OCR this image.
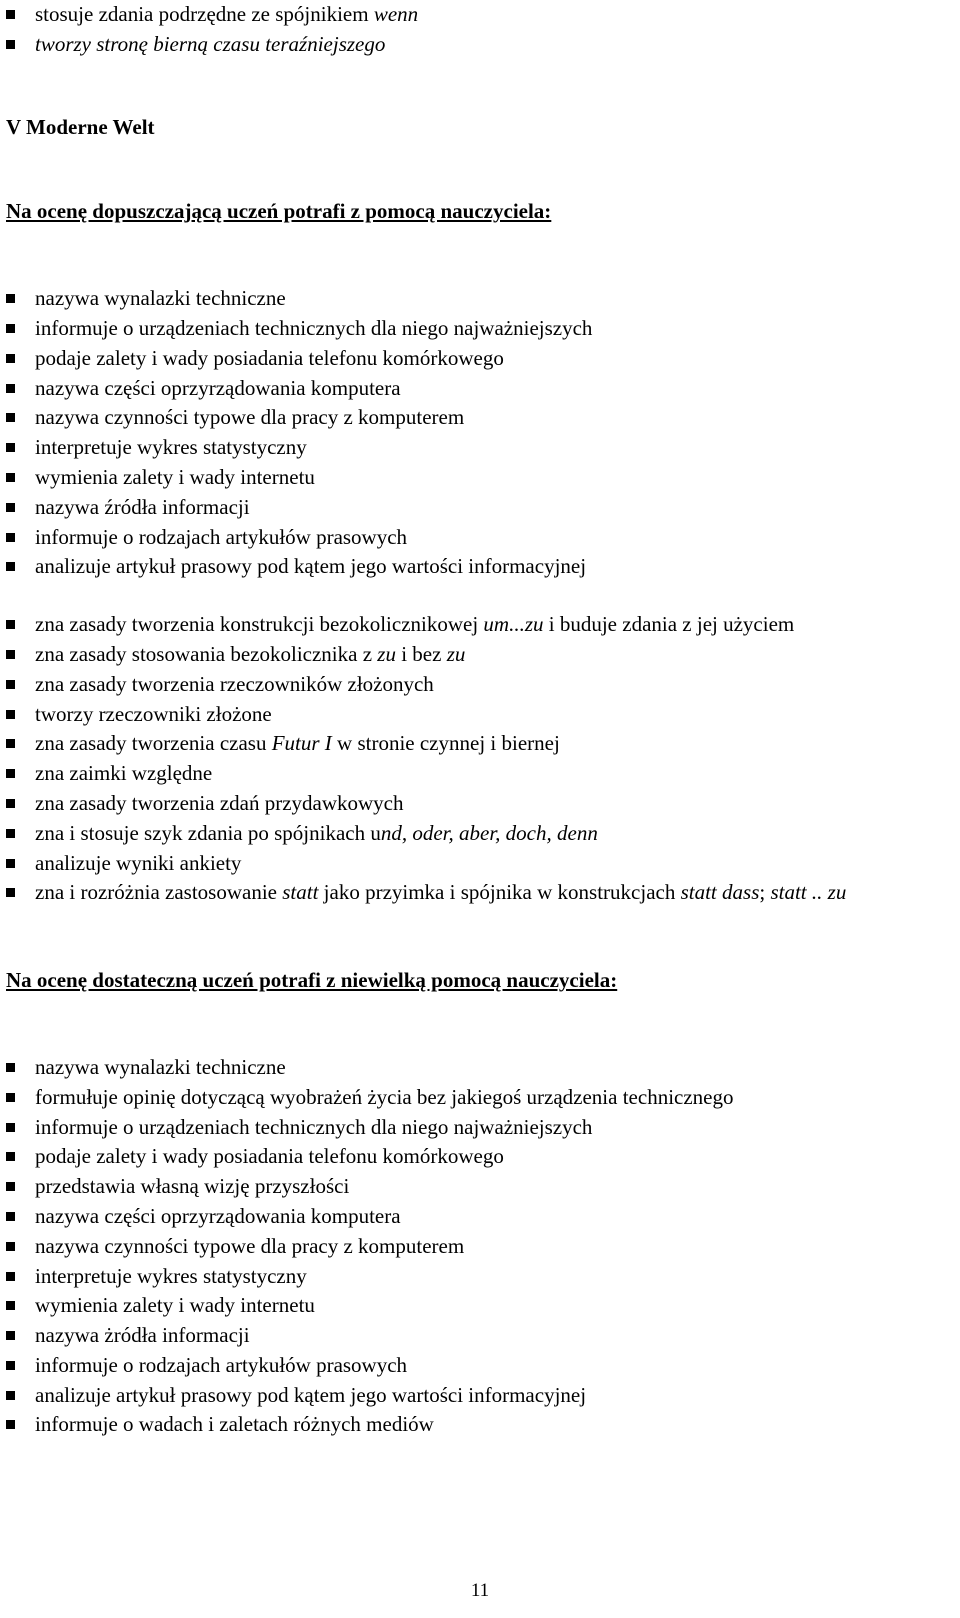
stosuje zdania podrzędne ze spójnikiem wenn
tworzy stronę bierną czasu teraźniejszego

V Moderne Welt

Na ocenę dopuszczającą uczeń potrafi z pomocą nauczyciela:

nazywa wynalazki techniczne
informuje o urządzeniach technicznych dla niego najważniejszych
podaje zalety i wady posiadania telefonu komórkowego
nazywa części oprzyrządowania komputera
nazywa czynności typowe dla pracy z komputerem
interpretuje wykres statystyczny
wymienia zalety i wady internetu
nazywa źródła informacji
informuje o rodzajach artykułów prasowych
analizuje artykuł prasowy pod kątem jego wartości informacyjnej
zna zasady tworzenia konstrukcji bezokolicznikowej um...zu i buduje zdania z jej użyciem
zna zasady stosowania bezokolicznika z zu i bez zu
zna zasady tworzenia rzeczowników złożonych
tworzy rzeczowniki złożone
zna zasady tworzenia czasu Futur I w stronie czynnej i biernej
zna zaimki względne
zna zasady tworzenia zdań przydawkowych
zna i stosuje szyk zdania po spójnikach und, oder, aber, doch, denn
analizuje wyniki ankiety
zna i rozróżnia zastosowanie statt jako przyimka i spójnika w konstrukcjach statt dass; statt .. zu

Na ocenę dostateczną uczeń potrafi z niewielką pomocą nauczyciela:

nazywa wynalazki techniczne
formułuje opinię dotyczącą wyobrażeń życia bez jakiegoś urządzenia technicznego
informuje o urządzeniach technicznych dla niego najważniejszych
podaje zalety i wady posiadania telefonu komórkowego
przedstawia własną wizję przyszłości
nazywa części oprzyrządowania komputera
nazywa czynności typowe dla pracy z komputerem
interpretuje wykres statystyczny
wymienia zalety i wady internetu
nazywa żródła informacji
informuje o rodzajach artykułów prasowych
analizuje artykuł prasowy pod kątem jego wartości informacyjnej
informuje o wadach i zaletach różnych mediów
11
